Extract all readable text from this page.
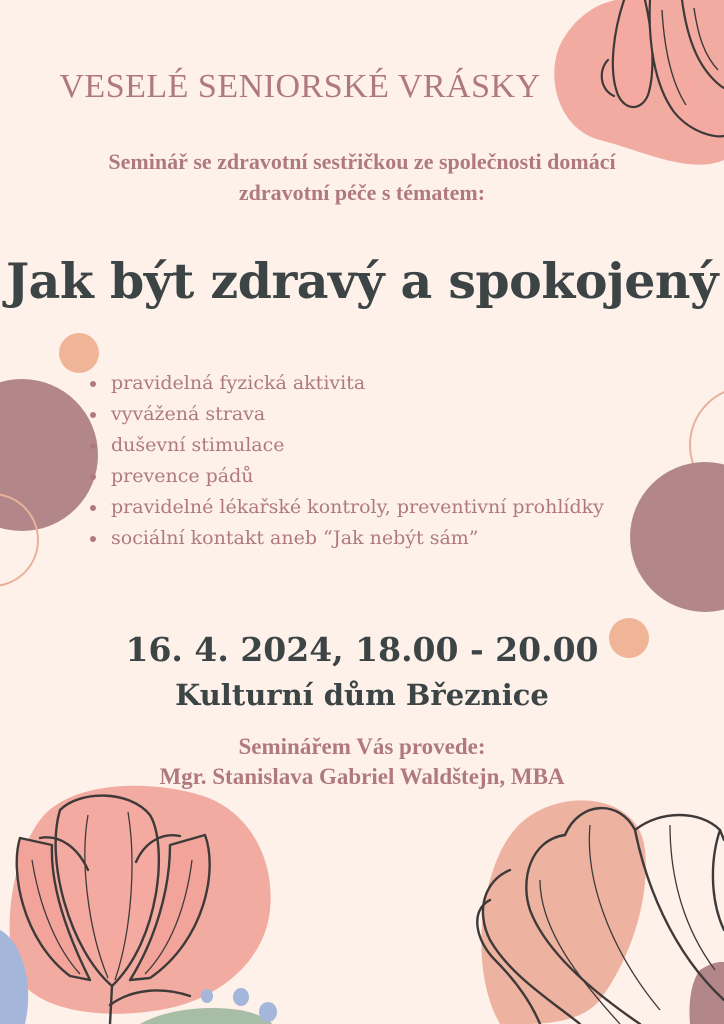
VESELÉ SENIORSKÉ VRÁSKY
Seminář se zdravotní sestřičkou ze společnosti domácí
zdravotní péče s tématem:
Jak být zdravý a spokojený
pravidelná fyzická aktivita
vyvážená strava
duševní stimulace
prevence pádů
pravidelné lékařské kontroly, preventivní prohlídky
sociální kontakt aneb “Jak nebýt sám”
16. 4. 2024, 18.00 - 20.00
Kulturní dům Březnice
Seminářem Vás provede:
Mgr. Stanislava Gabriel Waldštejn, MBA
